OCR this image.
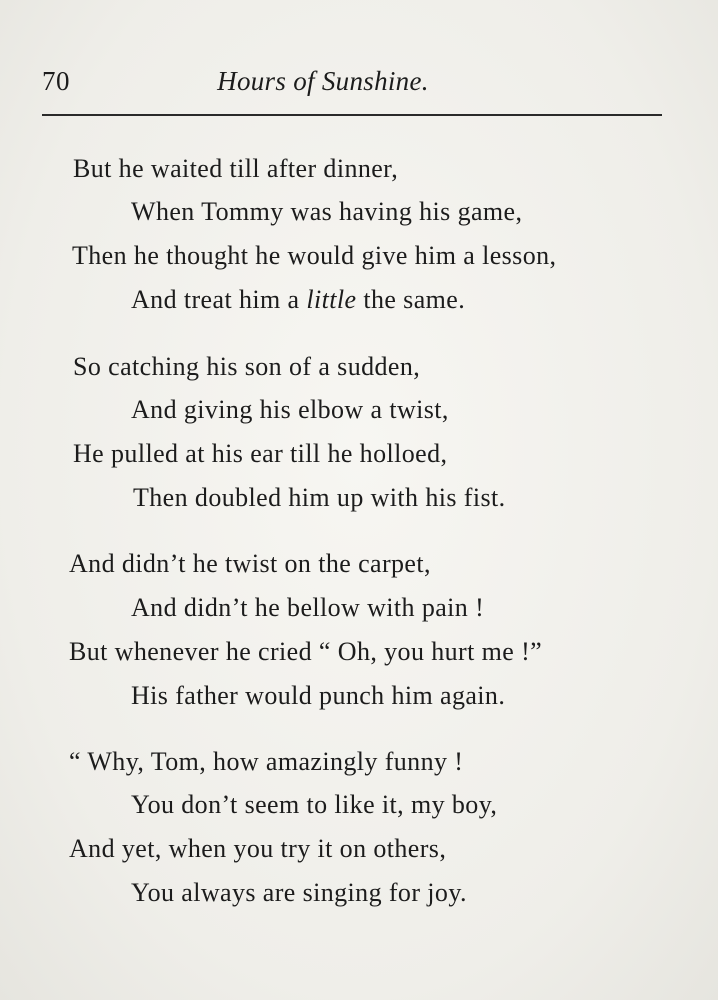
70	Hours of Sunshine.
But he waited till after dinner,
When Tommy was having his game,
Then he thought he would give him a lesson,
And treat him a little the same.
So catching his son of a sudden,
And giving his elbow a twist,
He pulled at his ear till he holloed,
Then doubled him up with his fist.
And didn’t he twist on the carpet,
And didn’t he bellow with pain !
But whenever he cried “ Oh, you hurt me !”
His father would punch him again.
“ Why, Tom, how amazingly funny !
You don’t seem to like it, my boy,
And yet, when you try it on others,
You always are singing for joy.
